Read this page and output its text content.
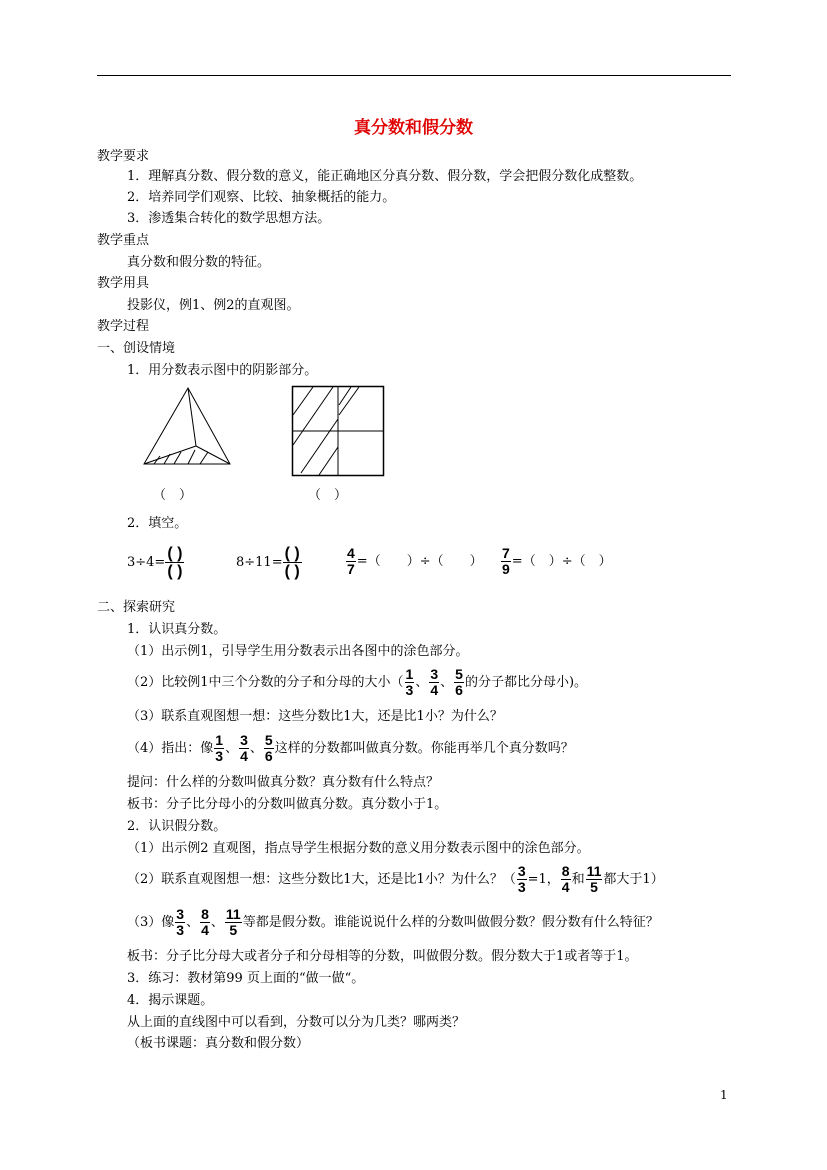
真分数和假分数
教学要求
1．理解真分数、假分数的意义，能正确地区分真分数、假分数，学会把假分数化成整数。
2．培养同学们观察、比较、抽象概括的能力。
3．渗透集合转化的数学思想方法。
教学重点
真分数和假分数的特征。
教学用具
投影仪，例1、例2的直观图。
教学过程
一、创设情境
1．用分数表示图中的阴影部分。
（　）	（　）
2．填空。
$3\div 4= \frac{( )}{( )}$	$8\div 11= \frac{( )}{( )}$	$\frac{4}{7}$ =（　　）÷（　　） $\frac{7}{9}$ =（　）÷（　）
二、探索研究
1．认识真分数。
（1）出示例1，引导学生用分数表示出各图中的涂色部分。
（2）比较例1中三个分数的分子和分母的大小（ $\frac{1}{3}$ 、 $\frac{3}{4}$ 、 $\frac{5}{6}$ 的分子都比分母小)。
（3）联系直观图想一想：这些分数比1大，还是比1小？为什么？
（4）指出：像 $\frac{1}{3}$ 、 $\frac{3}{4}$ 、 $\frac{5}{6}$ 这样的分数都叫做真分数。你能再举几个真分数吗？
提问：什么样的分数叫做真分数？真分数有什么特点？
板书：分子比分母小的分数叫做真分数。真分数小于1。
2．认识假分数。
（1）出示例2 直观图，指点导学生根据分数的意义用分数表示图中的涂色部分。
（2）联系直观图想一想：这些分数比1大，还是比1小？为什么？（ $\frac{3}{3} =1$， $\frac{8}{4}$ 和 $\frac{11}{5}$ 都大于1）
（3）像 $\frac{3}{3}$ 、 $\frac{8}{4}$ 、 $\frac{11}{5}$ 等都是假分数。谁能说说什么样的分数叫做假分数？假分数有什么特征？
板书：分子比分母大或者分子和分母相等的分数，叫做假分数。假分数大于1或者等于1。
3．练习：教材第99 页上面的“做一做“。
4．揭示课题。
从上面的直线图中可以看到，分数可以分为几类？哪两类？
（板书课题：真分数和假分数）
1
